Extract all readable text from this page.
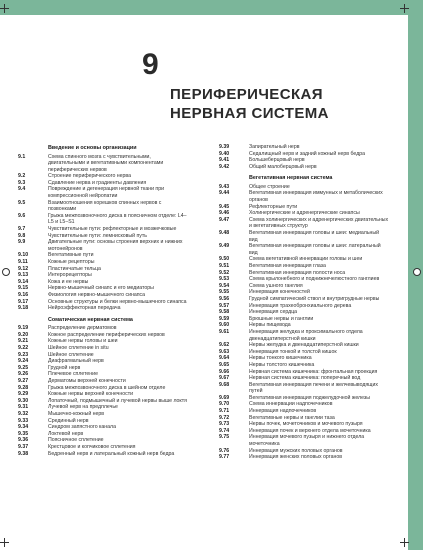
9
ПЕРИФЕРИЧЕСКАЯ
НЕРВНАЯ СИСТЕМА
Введение и основы организации
9.1	Схема спинного мозга с чувствительными, двигательными и вегетативными компонентами периферических нервов
9.2	Строение периферического нерва
9.3	Сдавление нерва и градиенты давления
9.4	Повреждение и дегенерация нервной ткани при компрессионной нейропатии
9.5	Взаимоотношения корешков спинных нервов с позвонками
9.6	Грыжа межпозвоночного диска в поясничном отделе: L4–L5 и L5–S1
9.7	Чувствительные пути: рефлекторные и мозжечковые
9.8	Чувствительные пути: лемнисковый путь
9.9	Двигательные пути: основы строения верхних и нижних мотонейронов
9.10	Вегетативные пути
9.11	Кожные рецепторы
9.12	Пластинчатые тельца
9.13	Интерорецепторы
9.14	Кожа и ее нервы
9.15	Нервно-мышечный синапс и его медиаторы
9.16	Физиология нервно-мышечного синапса
9.17	Основные структуры и белки нервно-мышечного синапса
9.18	Нейроэффекторная передача
Соматическая нервная система
9.19	Распределение дерматомов
9.20	Кожное распределение периферических нервов
9.21	Кожные нервы головы и шеи
9.22	Шейное сплетение in situ
9.23	Шейное сплетение
9.24	Диафрагмальный нерв
9.25	Грудной нерв
9.26	Плечевое сплетение
9.27	Дерматомы верхней конечности
9.28	Грыжа межпозвоночного диска в шейном отделе
9.29	Кожные нервы верхней конечности
9.30	Лопаточный, подмышечный и лучевой нервы выше локтя
9.31	Лучевой нерв на предплечье
9.32	Мышечно-кожный нерв
9.33	Срединный нерв
9.34	Синдром запястного канала
9.35	Локтевой нерв
9.36	Поясничное сплетение
9.37	Крестцовое и копчиковое сплетения
9.38	Бедренный нерв и латеральный кожный нерв бедра
9.39	Запирательный нерв
9.40	Седалищный нерв и задний кожный нерв бедра
9.41	Большеберцовый нерв
9.42	Общий малоберцовый нерв
Вегетативная нервная система
9.43	Общее строение
9.44	Вегетативная иннервация иммунных и метаболических органов
9.45	Рефлекторные пути
9.46	Холинергические и адренергические синапсы
9.47	Схема холинергических и адренергических двигательных и вегетативных структур
9.48	Вегетативная иннервация головы и шеи: медиальный вид
9.49	Вегетативная иннервация головы и шеи: латеральный вид
9.50	Схема вегетативной иннервации головы и шеи
9.51	Вегетативная иннервация глаза
9.52	Вегетативная иннервация полости носа
9.53	Схема крылонебного и поднижнечелюстного ганглиев
9.54	Схема ушного ганглия
9.55	Иннервация конечностей
9.56	Грудной симпатический ствол и внутригрудные нервы
9.57	Иннервация трахеобронхиального дерева
9.58	Иннервация сердца
9.59	Брюшные нервы и ганглии
9.60	Нервы пищевода
9.61	Иннервация желудка и проксимального отдела двенадцатиперстной кишки
9.62	Нервы желудка и двенадцатиперстной кишки
9.63	Иннервация тонкой и толстой кишок
9.64	Нервы тонкого кишечника
9.65	Нервы толстого кишечника
9.66	Нервная система кишечника: фронтальная проекция
9.67	Нервная система кишечника: поперечный вод
9.68	Вегетативная иннервация печени и желчевыводящих путей
9.69	Вегетативная иннервация поджелудочной железы
9.70	Схема иннервации надпочечников
9.71	Иннервация надпочечников
9.72	Вегетативные нервы и ганглии таза
9.73	Нервы почек, мочеточников и мочевого пузыря
9.74	Иннервация почек и верхнего отдела мочеточника
9.75	Иннервация мочевого пузыря и нижнего отдела мочеточника
9.76	Иннервация мужских половых органов
9.77	Иннервация женских половых органов
